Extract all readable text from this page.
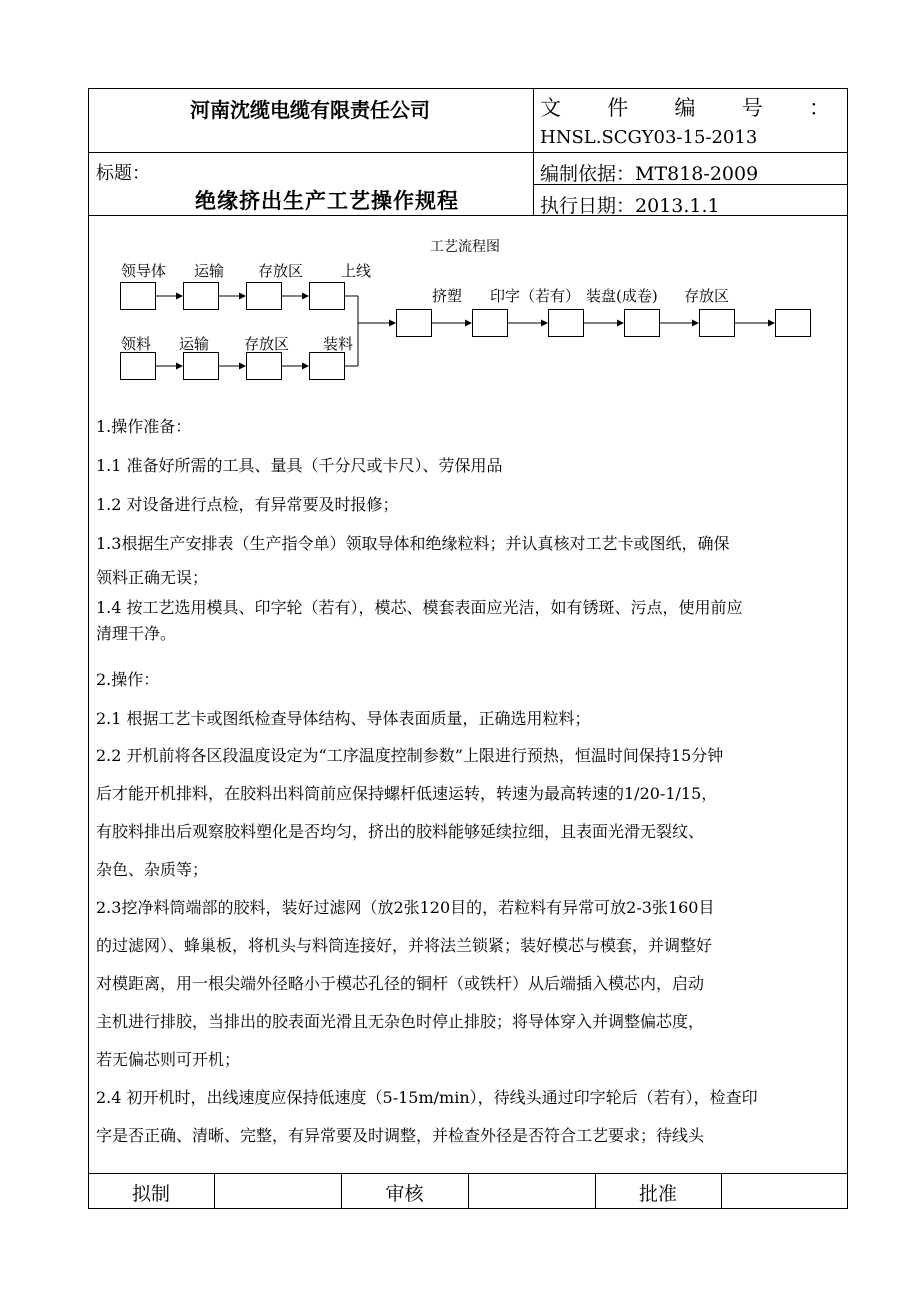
河南沈缆电缆有限责任公司	文 件 编 号 ：
HNSL.SCGY03-15-2013
标题：
绝缘挤出生产工艺操作规程
编制依据：MT818-2009
执行日期：2013.1.1
工艺流程图
领导体 运输 存放区	上线
领料 运输 存放区 装料
挤塑 印字（若有） 装盘(成卷) 存放区
1.操作准备：
1.1 准备好所需的工具、量具（千分尺或卡尺）、劳保用品
1.2 对设备进行点检，有异常要及时报修；
1.3根据生产安排表（生产指令单）领取导体和绝缘粒料；并认真核对工艺卡或图纸，确保
领料正确无误；
1.4 按工艺选用模具、印字轮（若有），模芯、模套表面应光洁，如有锈斑、污点，使用前应
清理干净。
2.操作：
2.1 根据工艺卡或图纸检查导体结构、导体表面质量，正确选用粒料；
2.2 开机前将各区段温度设定为“工序温度控制参数”上限进行预热，恒温时间保持15分钟
后才能开机排料，在胶料出料筒前应保持螺杆低速运转，转速为最高转速的1/20-1/15，
有胶料排出后观察胶料塑化是否均匀，挤出的胶料能够延续拉细，且表面光滑无裂纹、
杂色、杂质等；
2.3挖净料筒端部的胶料，装好过滤网（放2张120目的，若粒料有异常可放2-3张160目
的过滤网）、蜂巢板，将机头与料筒连接好，并将法兰锁紧；装好模芯与模套，并调整好
对模距离，用一根尖端外径略小于模芯孔径的铜杆（或铁杆）从后端插入模芯内，启动
主机进行排胶，当排出的胶表面光滑且无杂色时停止排胶；将导体穿入并调整偏芯度，
若无偏芯则可开机；
2.4 初开机时，出线速度应保持低速度（5-15m/min），待线头通过印字轮后（若有），检查印
字是否正确、清晰、完整，有异常要及时调整，并检查外径是否符合工艺要求；待线头
拟制	审核	批准
